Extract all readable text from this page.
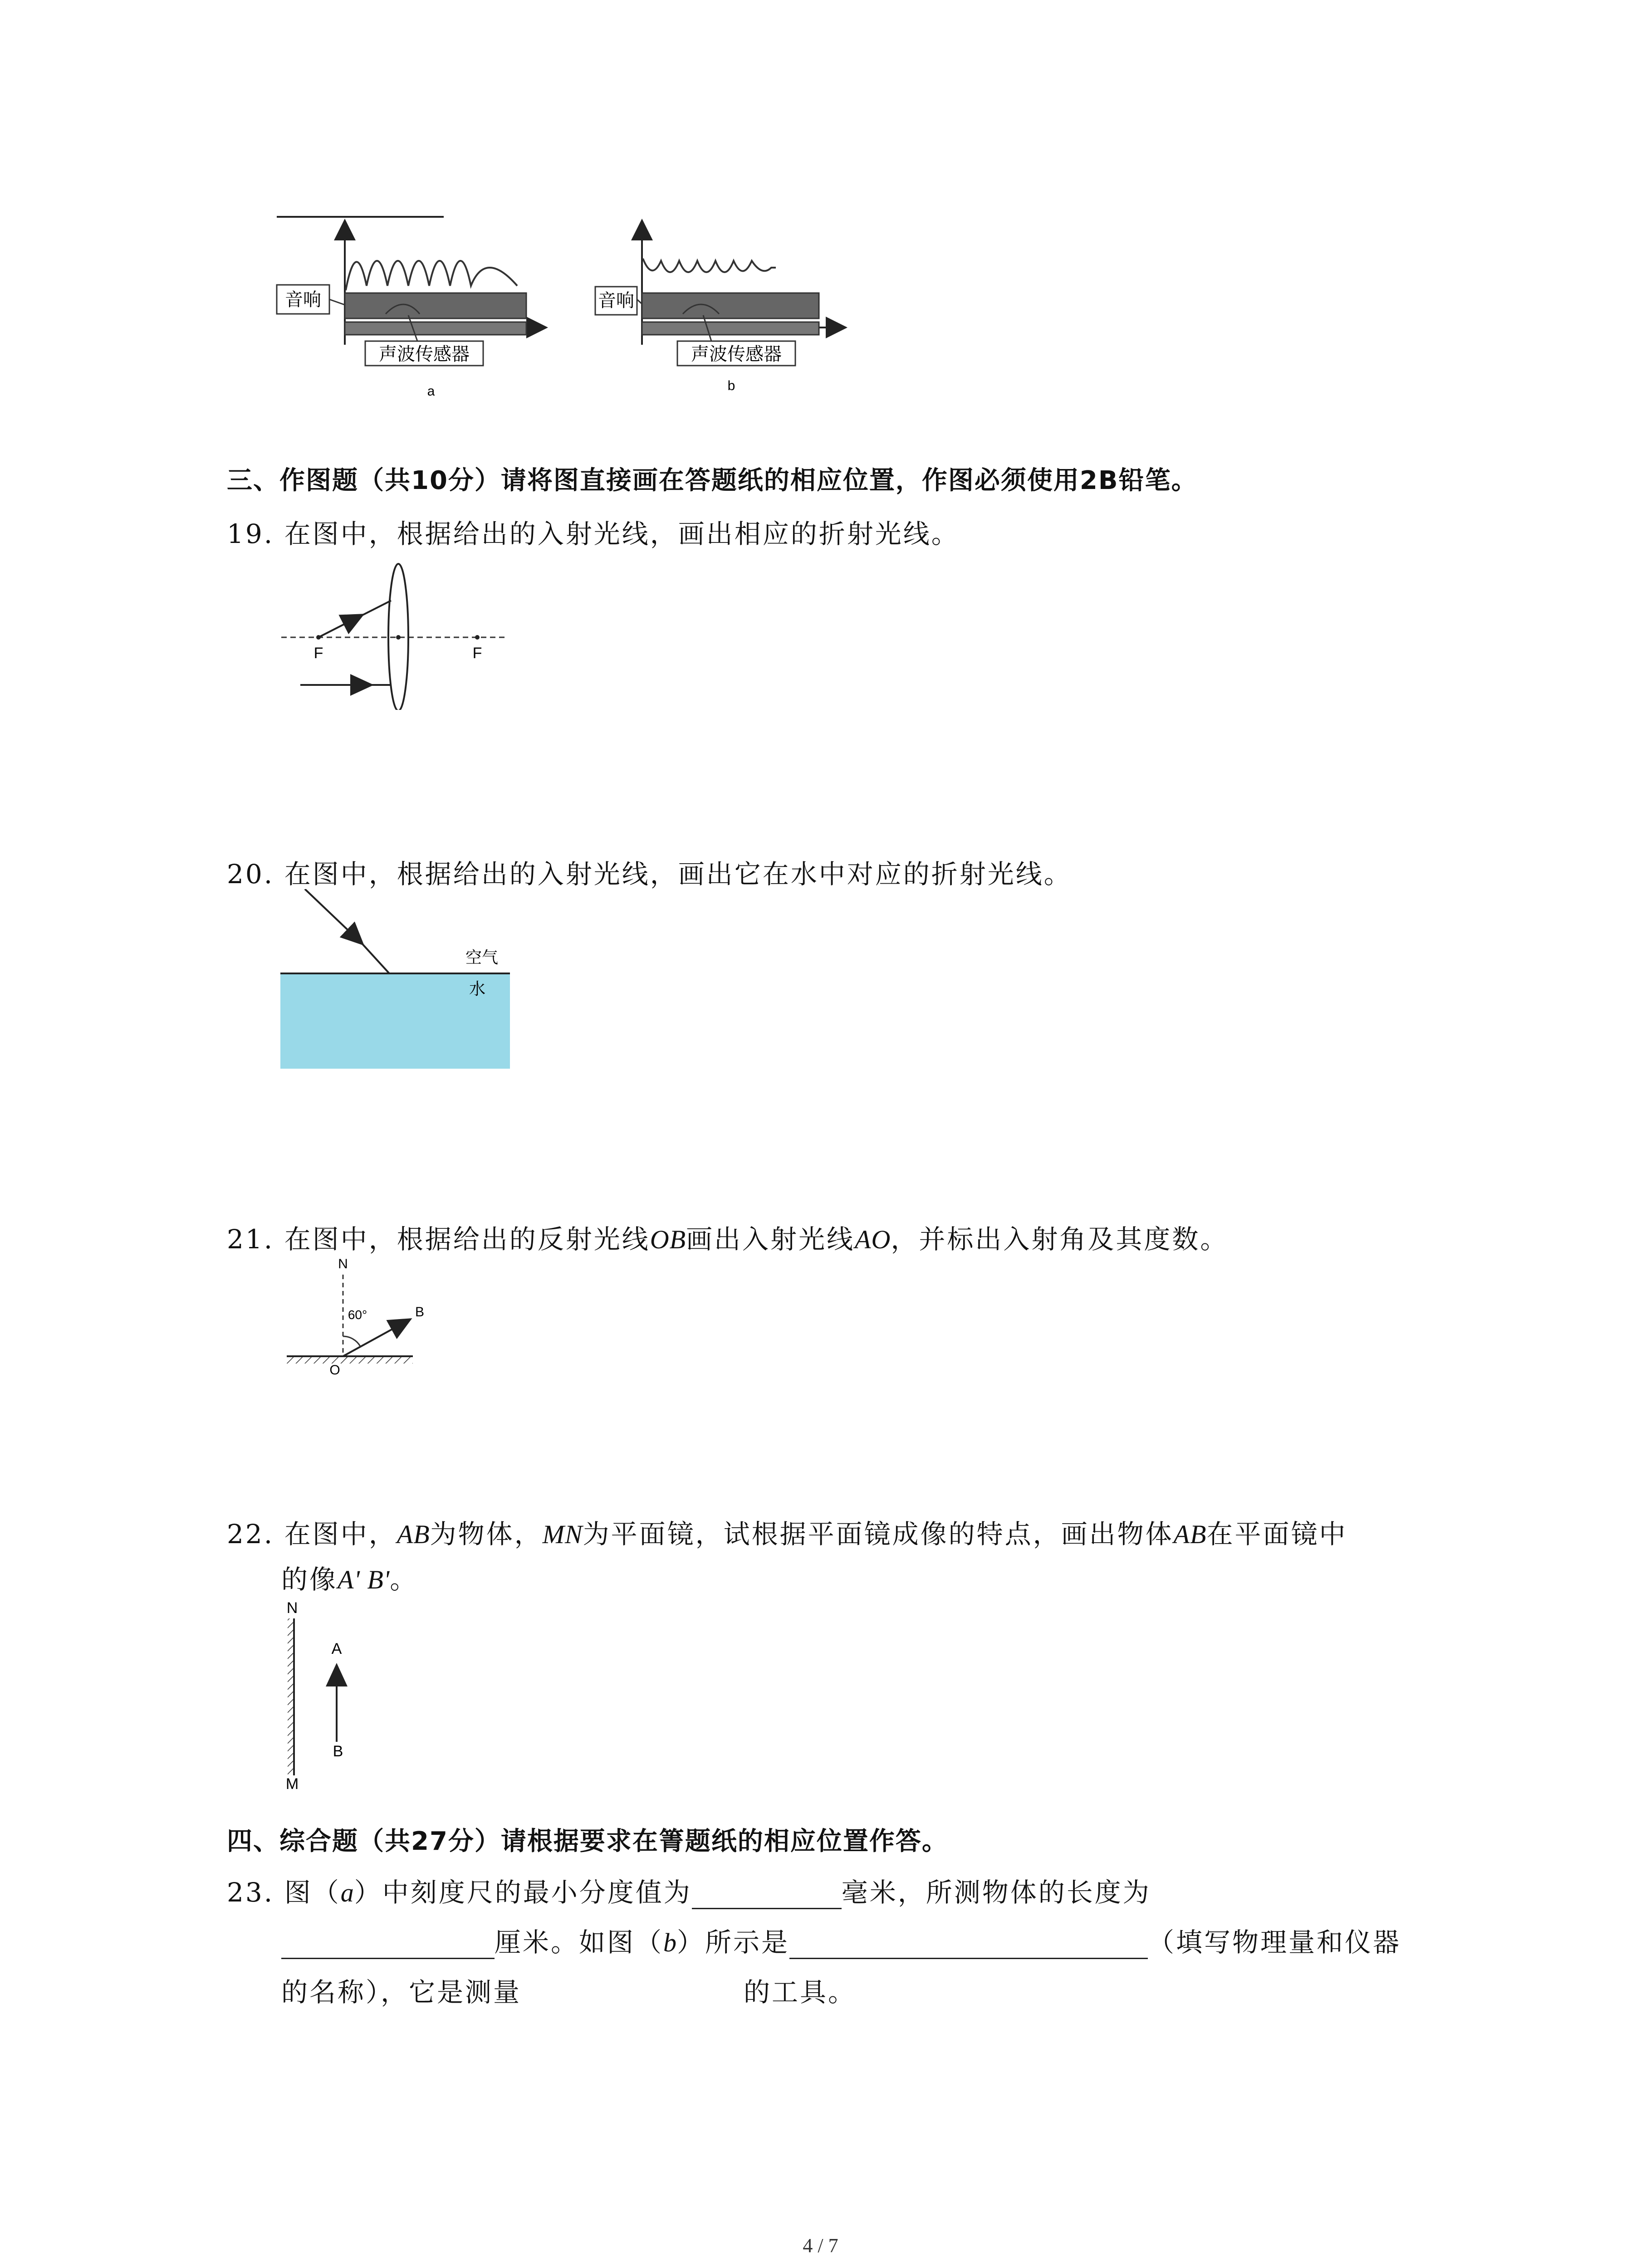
音响
声波传感器
a
音响
声波传感器
b
三、作图题（共10分）请将图直接画在答题纸的相应位置，作图必须使用2B铅笔。
19. 在图中，根据给出的入射光线，画出相应的折射光线。
F	F
20. 在图中，根据给出的入射光线，画出它在水中对应的折射光线。
空气
水
21. 在图中，根据给出的反射光线OB画出入射光线AO，并标出入射角及其度数。
N
60°	B
O
22. 在图中，AB为物体，MN为平面镜，试根据平面镜成像的特点，画出物体AB在平面镜中
的像A' B'。
N
M
A
B
四、综合题（共27分）请根据要求在箐题纸的相应位置作答。
23. 图（a）中刻度尺的最小分度值为	毫米，所测物体的长度为
厘米。如图（b）所示是	（填写物理量和仪器
的名称），它是测量	的工具。
4 / 7
